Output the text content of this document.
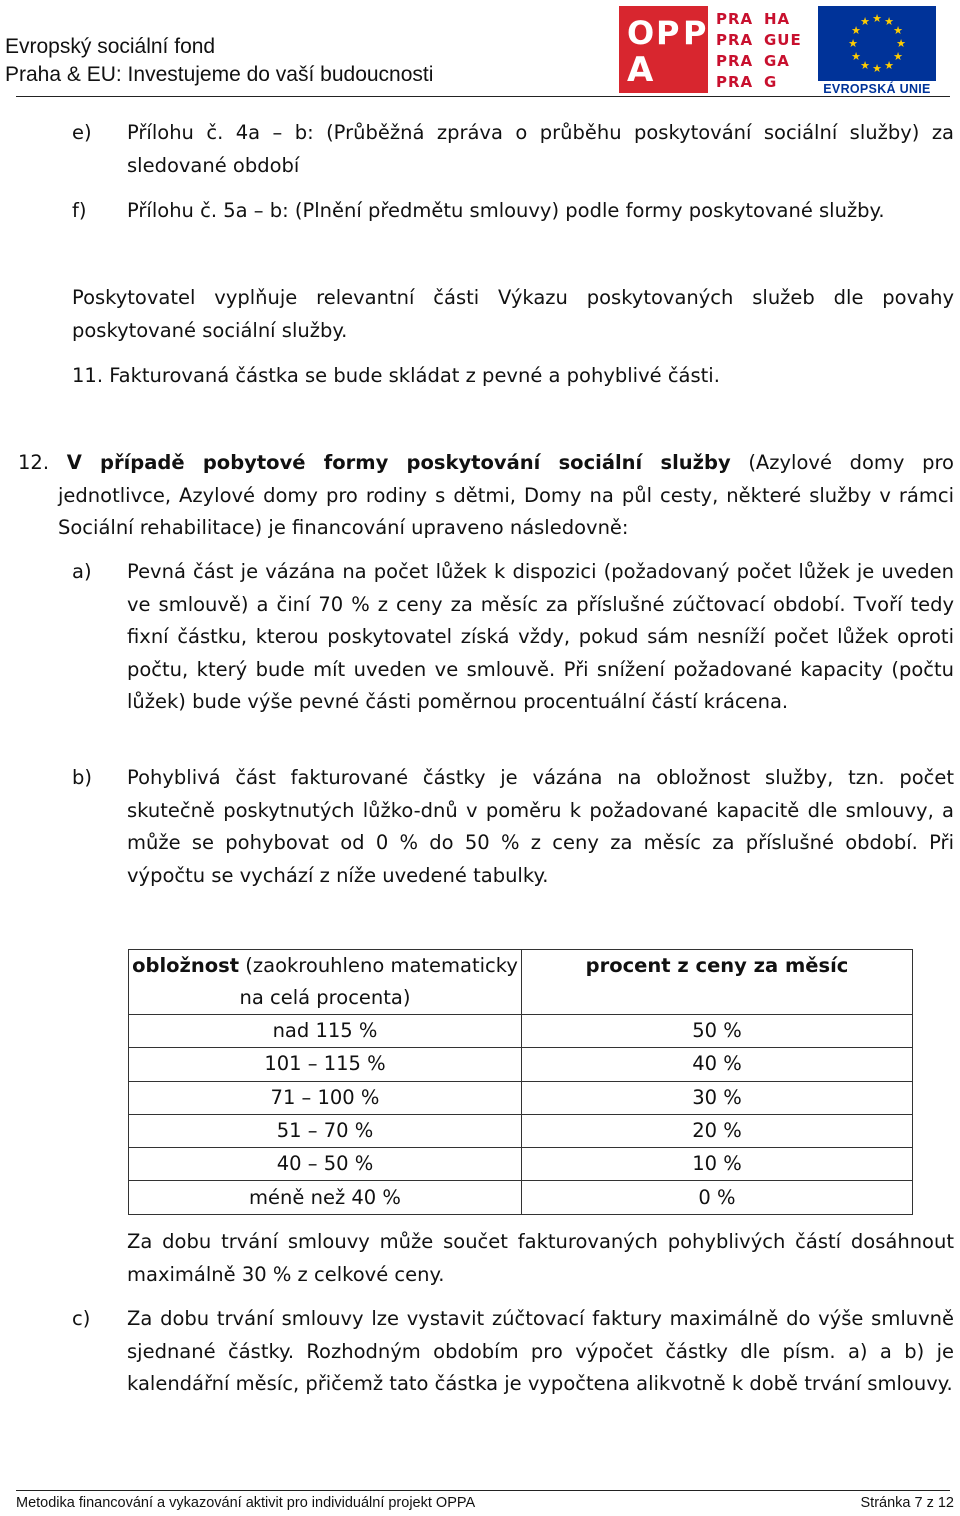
Evropský sociální fond
Praha & EU: Investujeme do vaší budoucnosti
O P P
A
PRA HA
PRA GUE
PRA GA
PRA G
★ ★
★
★
★
★
★
★
★
★
★
★
EVROPSKÁ UNIE
e) Přílohu č. 4a – b: (Průběžná zpráva o průběhu poskytování sociální služby) za sledované období
f) Přílohu č. 5a – b: (Plnění předmětu smlouvy) podle formy poskytované služby.
Poskytovatel vyplňuje relevantní části Výkazu poskytovaných služeb dle povahy poskytované sociální služby.
11. Fakturovaná částka se bude skládat z pevné a pohyblivé části.
12. V případě pobytové formy poskytování sociální služby (Azylové domy pro jednotlivce, Azylové domy pro rodiny s dětmi, Domy na půl cesty, některé služby v rámci Sociální rehabilitace) je financování upraveno následovně:
a) Pevná část je vázána na počet lůžek k dispozici (požadovaný počet lůžek je uveden ve smlouvě) a činí 70 % z ceny za měsíc za příslušné zúčtovací období. Tvoří tedy fixní částku, kterou poskytovatel získá vždy, pokud sám nesníží počet lůžek oproti počtu, který bude mít uveden ve smlouvě. Při snížení požadované kapacity (počtu lůžek) bude výše pevné části poměrnou procentuální částí krácena.
b) Pohyblivá část fakturované částky je vázána na obložnost služby, tzn. počet skutečně poskytnutých lůžko-dnů v poměru k požadované kapacitě dle smlouvy, a může se pohybovat od 0 % do 50 % z ceny za měsíc za příslušné období. Při výpočtu se vychází z níže uvedené tabulky.
obložnost (zaokrouhleno matematicky na celá procenta)	procent z ceny za měsíc
nad 115 %	50 %
101 – 115 %	40 %
71 – 100 %	30 %
51 – 70 %	20 %
40 – 50 %	10 %
méně než 40 %	0 %
Za dobu trvání smlouvy může součet fakturovaných pohyblivých částí dosáhnout maximálně 30 % z celkové ceny.
c) Za dobu trvání smlouvy lze vystavit zúčtovací faktury maximálně do výše smluvně sjednané částky. Rozhodným obdobím pro výpočet částky dle písm. a) a b) je kalendářní měsíc, přičemž tato částka je vypočtena alikvotně k době trvání smlouvy.
Metodika financování a vykazování aktivit pro individuální projekt OPPA	Stránka 7 z 12
